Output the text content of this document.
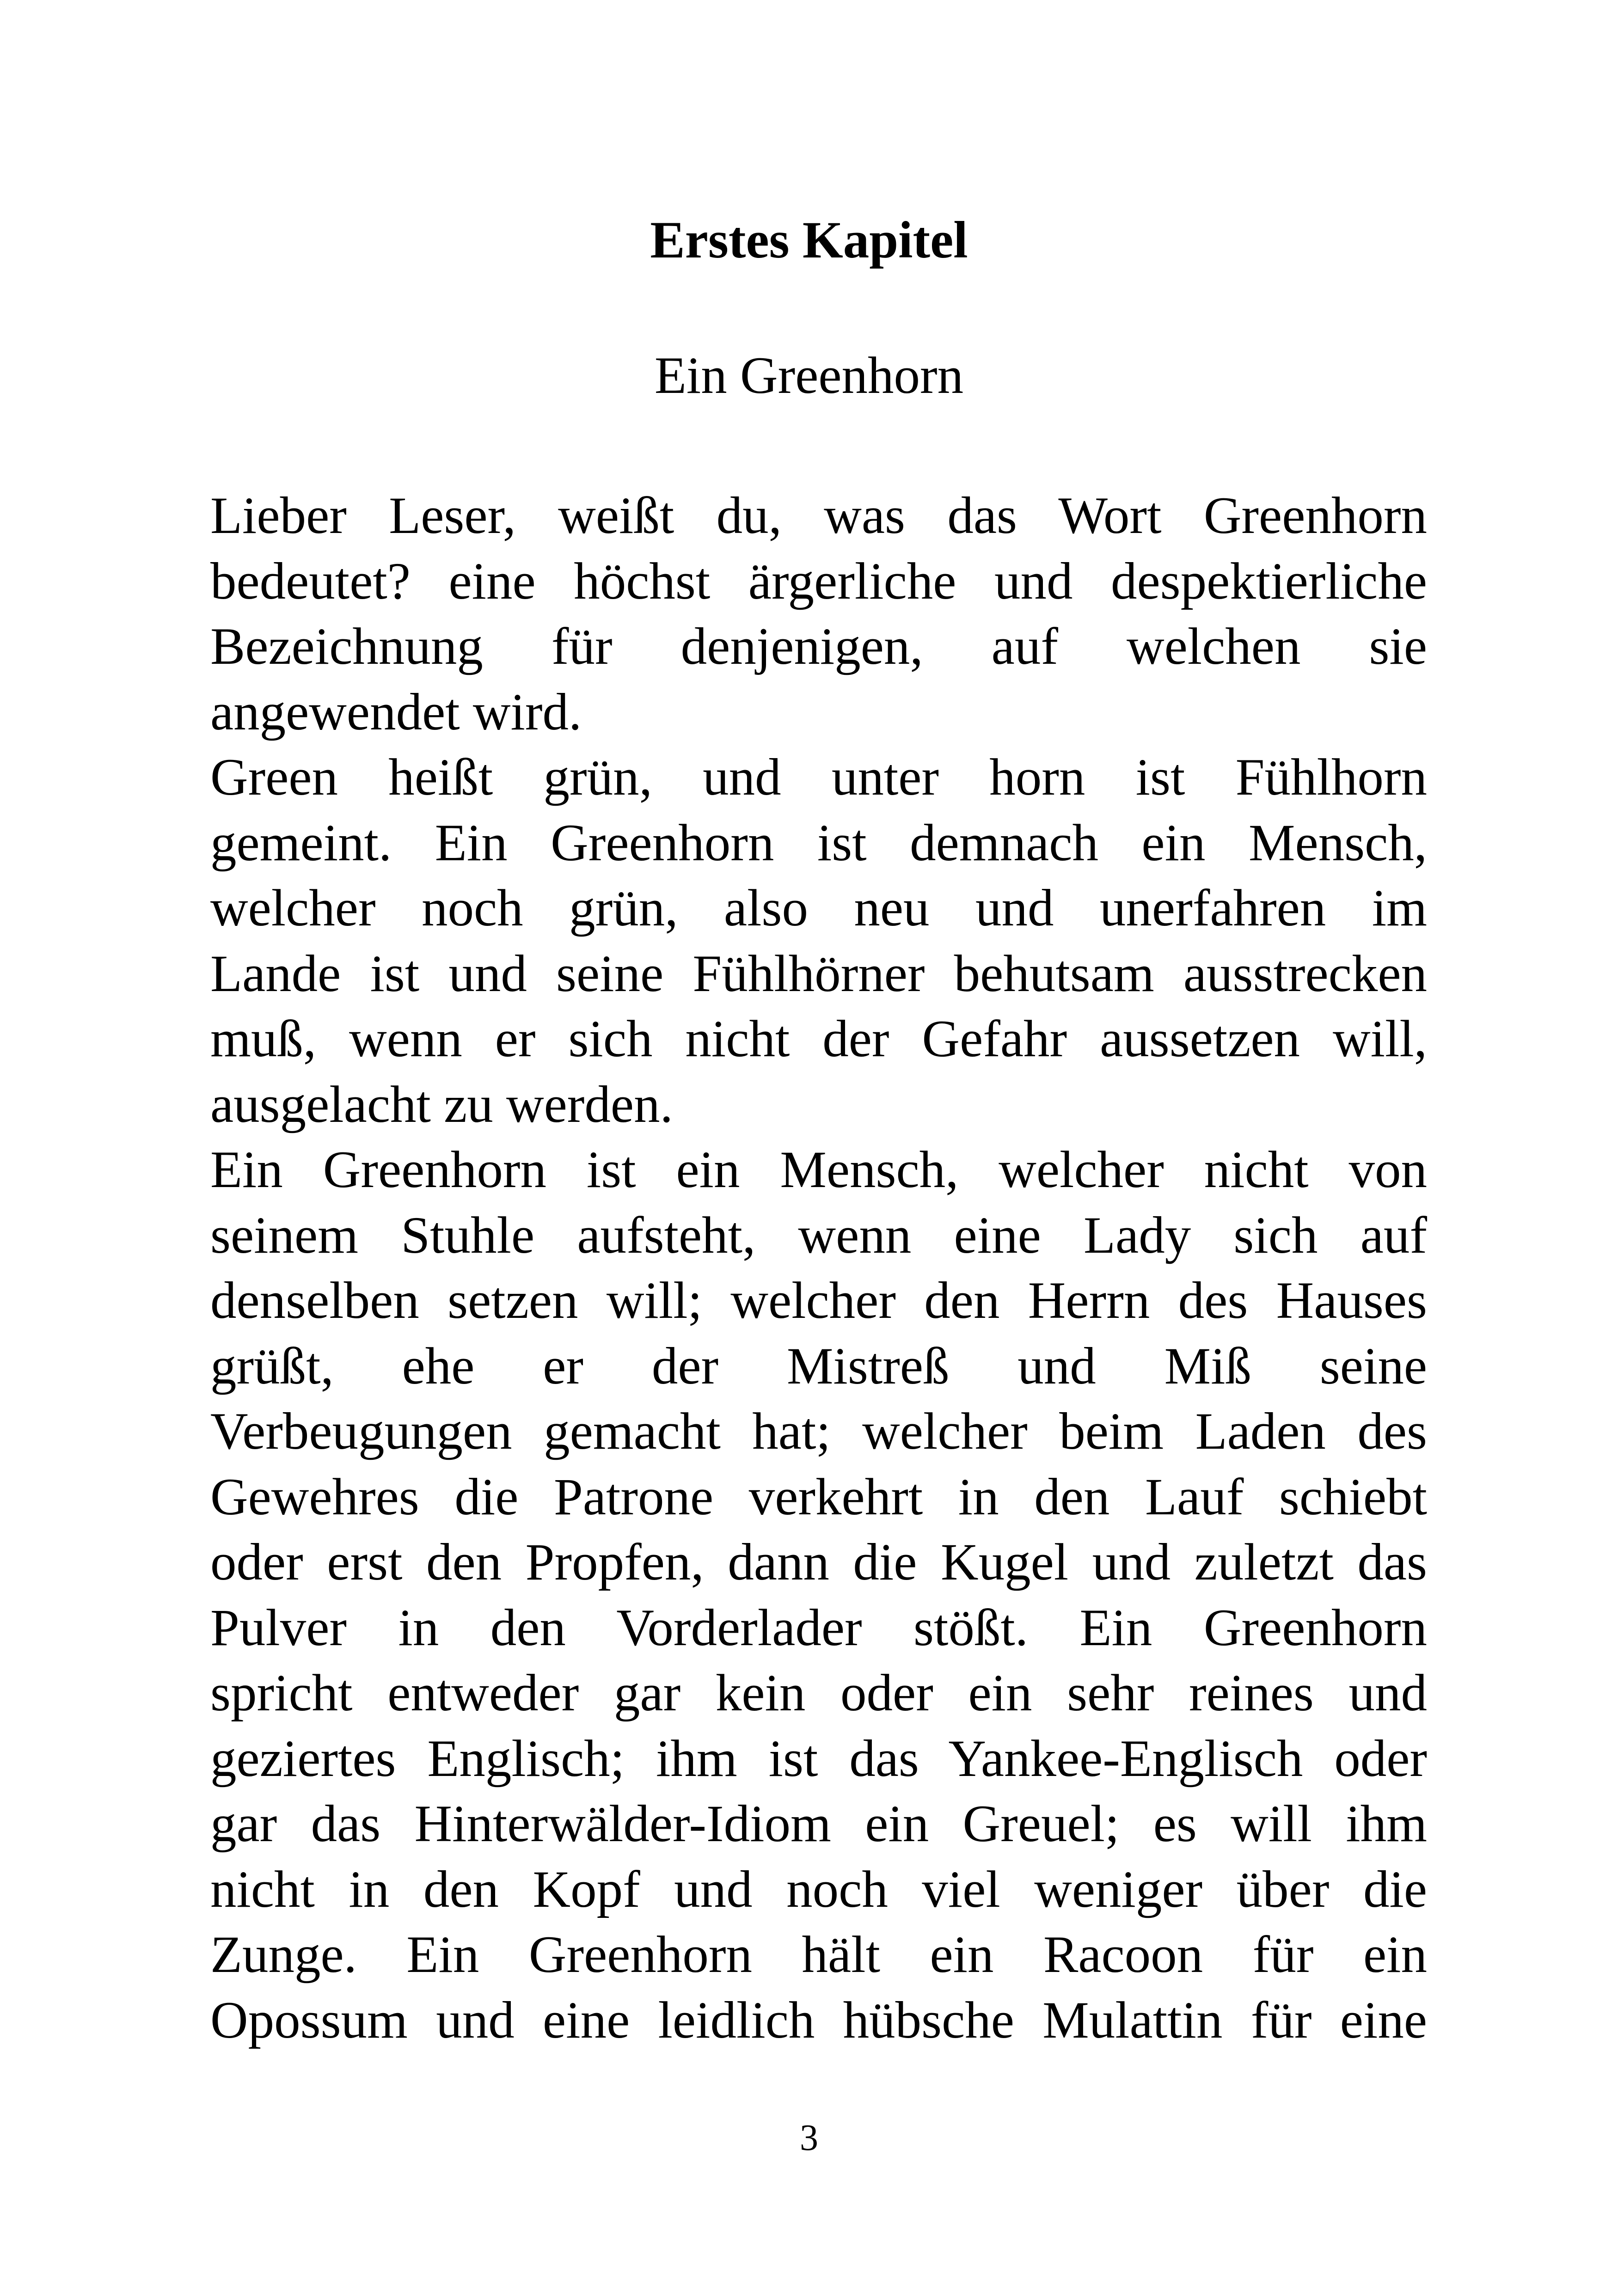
Erstes Kapitel
Ein Greenhorn
Lieber Leser, weißt du, was das Wort Greenhorn
bedeutet? eine höchst ärgerliche und despektierliche
Bezeichnung für denjenigen, auf welchen sie
angewendet wird.
Green heißt grün, und unter horn ist Fühlhorn
gemeint. Ein Greenhorn ist demnach ein Mensch,
welcher noch grün, also neu und unerfahren im
Lande ist und seine Fühlhörner behutsam ausstrecken
muß, wenn er sich nicht der Gefahr aussetzen will,
ausgelacht zu werden.
Ein Greenhorn ist ein Mensch, welcher nicht von
seinem Stuhle aufsteht, wenn eine Lady sich auf
denselben setzen will; welcher den Herrn des Hauses
grüßt, ehe er der Mistreß und Miß seine
Verbeugungen gemacht hat; welcher beim Laden des
Gewehres die Patrone verkehrt in den Lauf schiebt
oder erst den Propfen, dann die Kugel und zuletzt das
Pulver in den Vorderlader stößt. Ein Greenhorn
spricht entweder gar kein oder ein sehr reines und
geziertes Englisch; ihm ist das Yankee-Englisch oder
gar das Hinterwälder-Idiom ein Greuel; es will ihm
nicht in den Kopf und noch viel weniger über die
Zunge. Ein Greenhorn hält ein Racoon für ein
Opossum und eine leidlich hübsche Mulattin für eine
3
